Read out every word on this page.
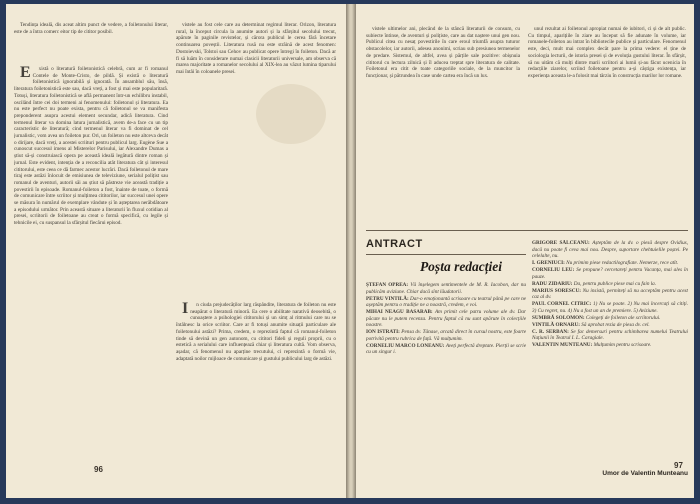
Tendința ideală, dis aceat altim punct de vedere, a foiletonului literar, este de a întra comerc eitor tip de cititor posibil.

E xistă o literatură foiletonistică celebră, cum ar fi romanul Contele de Monte-Cristo, de pildă. Și există o literatură foiletonistică ignorabilă și ignorată. În ansamblul său, însă, literatura foiletonistică este sau, dacă vreți, a fost și mai este popularitară. Totuși, literatura foiletonistică se află permanent într-un echilibru instabil, oscilând între cei doi termeni ai fenomenului: foiletonul și literatura. Ea nu este perfect nu poate exista, pentru că foiletonul se va manifesta preponderent asupra acestui element secundar, adică literatura. Cind termenul literar va domina latura jurnalistică, avem de-a face cu un tip caracteristic de literatură; cind termenul literar va fi dominat de cel jurnalistic, vom avea un foileton pur. Ori, un foileton nu este altceva decât o dirijare, dacă vreți, a acestei scriituri pentru publicul larg. Eugène Sue a cunoscut succesul imens al Misterelor Parisului, iar Alexandre Dumas a știut să-și construiască opera pe această ideală legătură dintre roman și jurnal. Este evident, intenția de a reconcilia atât literatura cât și interesul cititorului, este ceea ce dă farmec acestor lucrări. Dacă foiletonul de mare tiraj este astăzi înlocuit de emisiunea de televiziune, serialul polițist sau romanul de aventuri, autorii săi au știut să păstreze vie această tradiție a povestirii în episoade. Romanul-foileton a fost, înainte de toate, o formă de comunicare între scriitor și mulțimea cititorilor, iar succesul unei opere se măsura în numărul de exemplare vândute și în așteptarea nerăbdătoare a episodului următor. Prin această situare a literaturii în fluxul cotidian al presei, scriitorii de foiletoane au creat o formă specifică, cu legile și tehnicile ei, cu suspansul la sfârșitul fiecărui episod.

vistele au fost cele care au determinat regimul literar. Orizon, literatura rural, la început circula la anumite autori și la sfârșitul secolului trecut, apărute în paginile revistelor, și cărora publicul le cerea fără încetare continuarea poveștii. Literatura rusă nu este străină de acest fenomen: Dostoievski, Tolstoi sau Cehov au publicat opere întregi în foileton. Dacă ar fi să luăm în considerare numai clasicii literaturii universale, am observa că marea majoritate a romanelor secolului al XIX-lea au văzut lumina tiparului mai întâi în coloanele presei.

I n ciuda prejudecăților larg răspândite, literatura de foileton nu este neapărat o literatură minoră. Ea cere o abilitate narativă deosebită, o cunoaștere a psihologiei cititorului și un simț al ritmului care nu se întâlnesc la orice scriitor. Care ar fi totuși anumite situații particulare ale foiletonului astăzi? Prima, credem, o reprezintă faptul că romanul-foileton tinde să devină un gen autonom, cu cititori fideli și reguli proprii, cu o estetică a serialului care influențează chiar și literatura cultă. Vom observa, așadar, că fenomenul nu aparține trecutului, ci reprezintă o formă vie, adaptată noilor mijloace de comunicare și gustului publicului larg de astăzi.

96

vistele ultimelor ani, plecând de la stâncă literaturii de consum, cu subiecte întinse, de aventuri și polițiste, care au dat naștere unui gen nou. Publicul citea cu nesaț povestirile în care eroul triumfă asupra tuturor obstacolelor, iar autorii, adesea anonimi, scriau sub presiunea termenelor de predare. Sistemul, de altfel, avea și părțile sale pozitive: obișnuia cititorul cu lectura zilnică și îl aducea treptat spre literatura de calitate. Foiletonul era citit de toate categoriile sociale, de la muncitor la funcționar, și pătrundea în case unde cartea era încă un lux.

unul rezultat ai foiletonul apropiat numai de iubitori, ci și de alt public. Cu timpul, aparițiile în ziare au început să fie adunate în volume, iar romanele-foileton au intrat în bibliotecile publice și particulare. Fenomenul este, deci, mult mai complex decât pare la prima vedere: el ține de sociologia lecturii, de istoria presei și de evoluția gustului literar. În sfârșit, să nu uităm că mulți dintre marii scriitori ai lumii și-au făcut ucenicia în redacțiile ziarelor, scriind foiletoane pentru a-și câștiga existența, iar experiența aceasta le-a folosit mai târziu în construcția marilor lor romane.

ANTRACT
Poșta redacției

ȘTEFAN OPREA: Vă înșelegem sentimentele de M. R. Iacobon, dar nu publicăm aviziune. Chiar dacă sînt lăudatorii.

PETRU VINTILĂ: Dar-o emoționantă scrisoare cu teatrul până pe care ne așeptăm pentru o tradiție ne a noastră, credem, e voi.

MIHAI NEAGU BASARAB: Am primit cele patru volume ale dv. Dar păcate nu le putem recenza. Pentru faptul că nu sunt apărute în colecțiile noastre.

ION ISTRATI: Pensa dv. Tănase, arcată direct în cursul nostru, este foarte potrivită pentru rubrica de față. Vă mulțumim.

CORNELIU MARCO LONEANU: Aveți perfectă dreptate. Pierții se scrie cu un singur i.

GRIGORE SĂLCEANU: Așteptăm de la dv. o piesă despre Ovidius, dacă nu poate fi ceva mai nou. Despre, suportare chehtuielile poștei. Pe celelalte, nu.

I. GRENIUCI: Nu primim piese redactilografiate. Nemerze, rece atît.

CORNELIU LEU: Se propune? cercetareți pentru Vacanța, mai ales în pauze.

RADU ZIDARIU: Da, pentru publice piese mai cu fain la.

MARIUS SORESCU: Nu insistă, permiteți să nu acceptăm pentru acest caz al dv.

PAUL CORNEL CITRIC: 1) Nu se poate. 2) Nu mai încercați să citiți. 3) Cu regret, nu. 4) Nu a fost un an de premiere. 5) Aviziune.

SUMBRĂ SOLOMON: Colegeți de foileton ale scriitorului.

VINTILĂ ORNARU: Să aprobat rezia de piesa dv. cel.

C. R. SERBAN: Se fac demersuri pentru schimbarea numelui Teatrului Națiunii în Teatrul I. L. Caragiale.

VALENTIN MUNTEANU: Mulțumim pentru scrisoare.

Umor de Valentin Munteanu
97
